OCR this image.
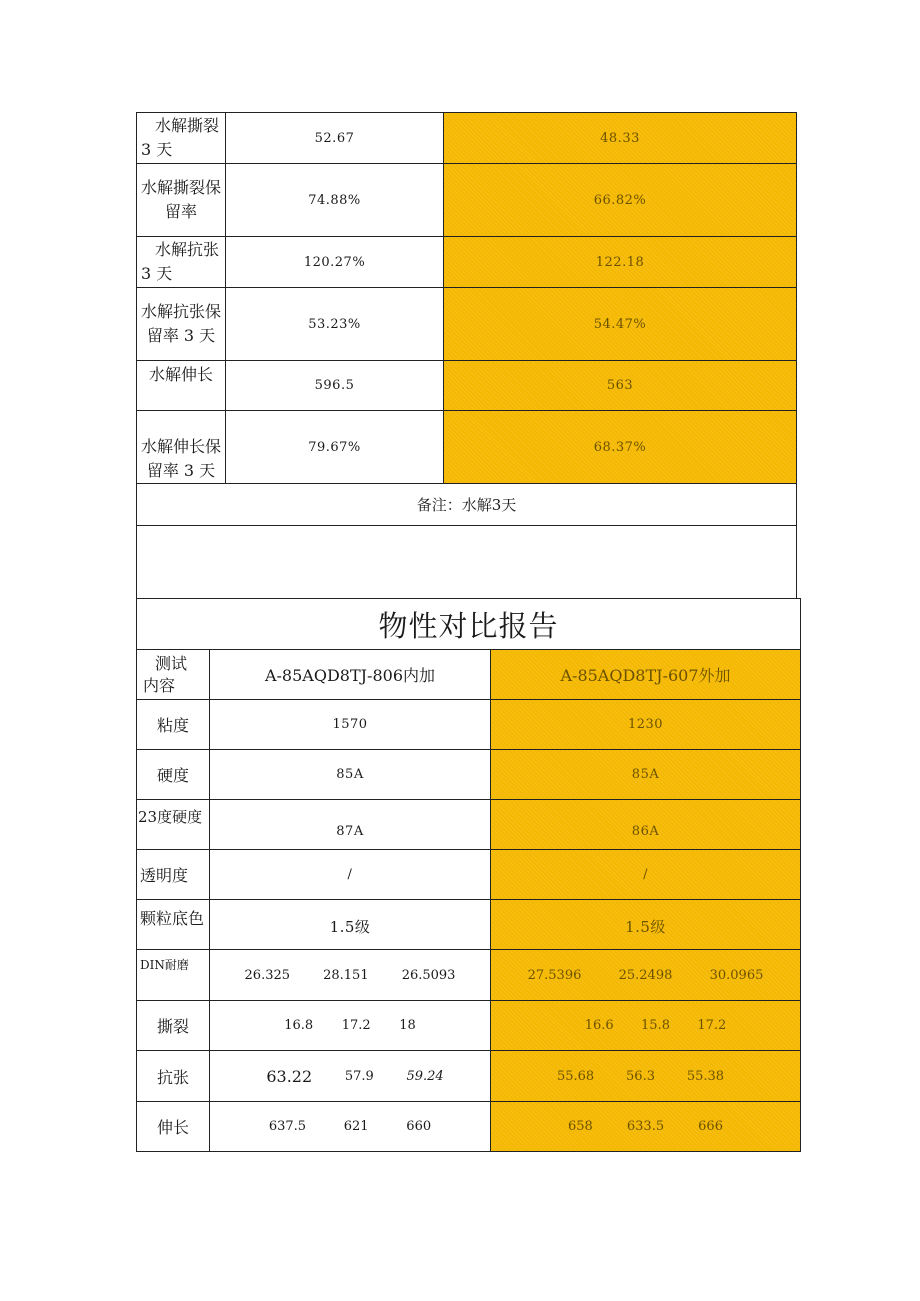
水解撕裂
3 天	52.67	48.33

水解撕裂保
留率	74.88%	66.82%

水解抗张
3 天	120.27%	122.18

水解抗张保
留率 3 天	53.23%	54.47%
水解伸长	596.5	563

水解伸长保
留率 3 天	79.67%	68.37%
备注：水解3天		

物性对比报告		

测试
内容	A-85AQD8TJ-806内加	A-85AQD8TJ-607外加
粘度	1570	1230
硬度	85A	85A
23度硬度	87A	86A
透明度	/	/
颗粒底色	1.5级	1.5级
DIN耐磨	26.325 28.151 26.5093	27.5396 25.2498 30.0965

撕裂	16.8 17.2 18	16.6 15.8 17.2

抗张	63.22 57.9 59.24	55.68 56.3 55.38

伸长	637.5 621 660	658 633.5 666
